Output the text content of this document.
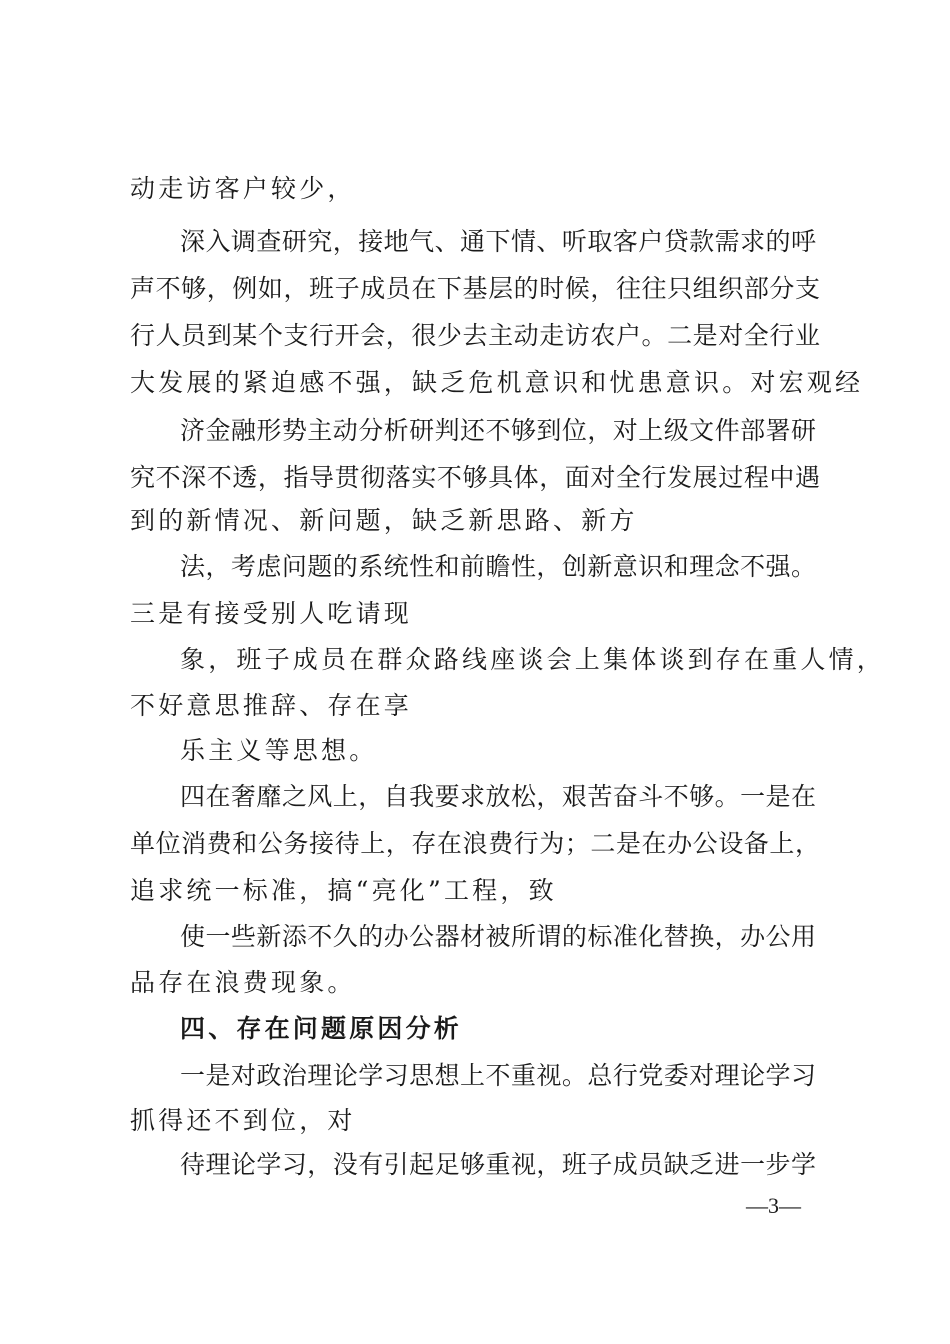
动走访客户较少，
深入调查研究，接地气、通下情、听取客户贷款需求的呼
声不够，例如，班子成员在下基层的时候，往往只组织部分支
行人员到某个支行开会，很少去主动走访农户。二是对全行业
大发展的紧迫感不强，缺乏危机意识和忧患意识。对宏观经
济金融形势主动分析研判还不够到位，对上级文件部署研
究不深不透，指导贯彻落实不够具体，面对全行发展过程中遇
到的新情况、新问题，缺乏新思路、新方
法，考虑问题的系统性和前瞻性，创新意识和理念不强。
三是有接受别人吃请现
象，班子成员在群众路线座谈会上集体谈到存在重人情，
不好意思推辞、存在享
乐主义等思想。
四在奢靡之风上，自我要求放松，艰苦奋斗不够。一是在
单位消费和公务接待上，存在浪费行为；二是在办公设备上，
追求统一标准，搞“亮化”工程，致
使一些新添不久的办公器材被所谓的标准化替换，办公用
品存在浪费现象。
四、存在问题原因分析
一是对政治理论学习思想上不重视。总行党委对理论学习
抓得还不到位，对
待理论学习，没有引起足够重视，班子成员缺乏进一步学
—3—
